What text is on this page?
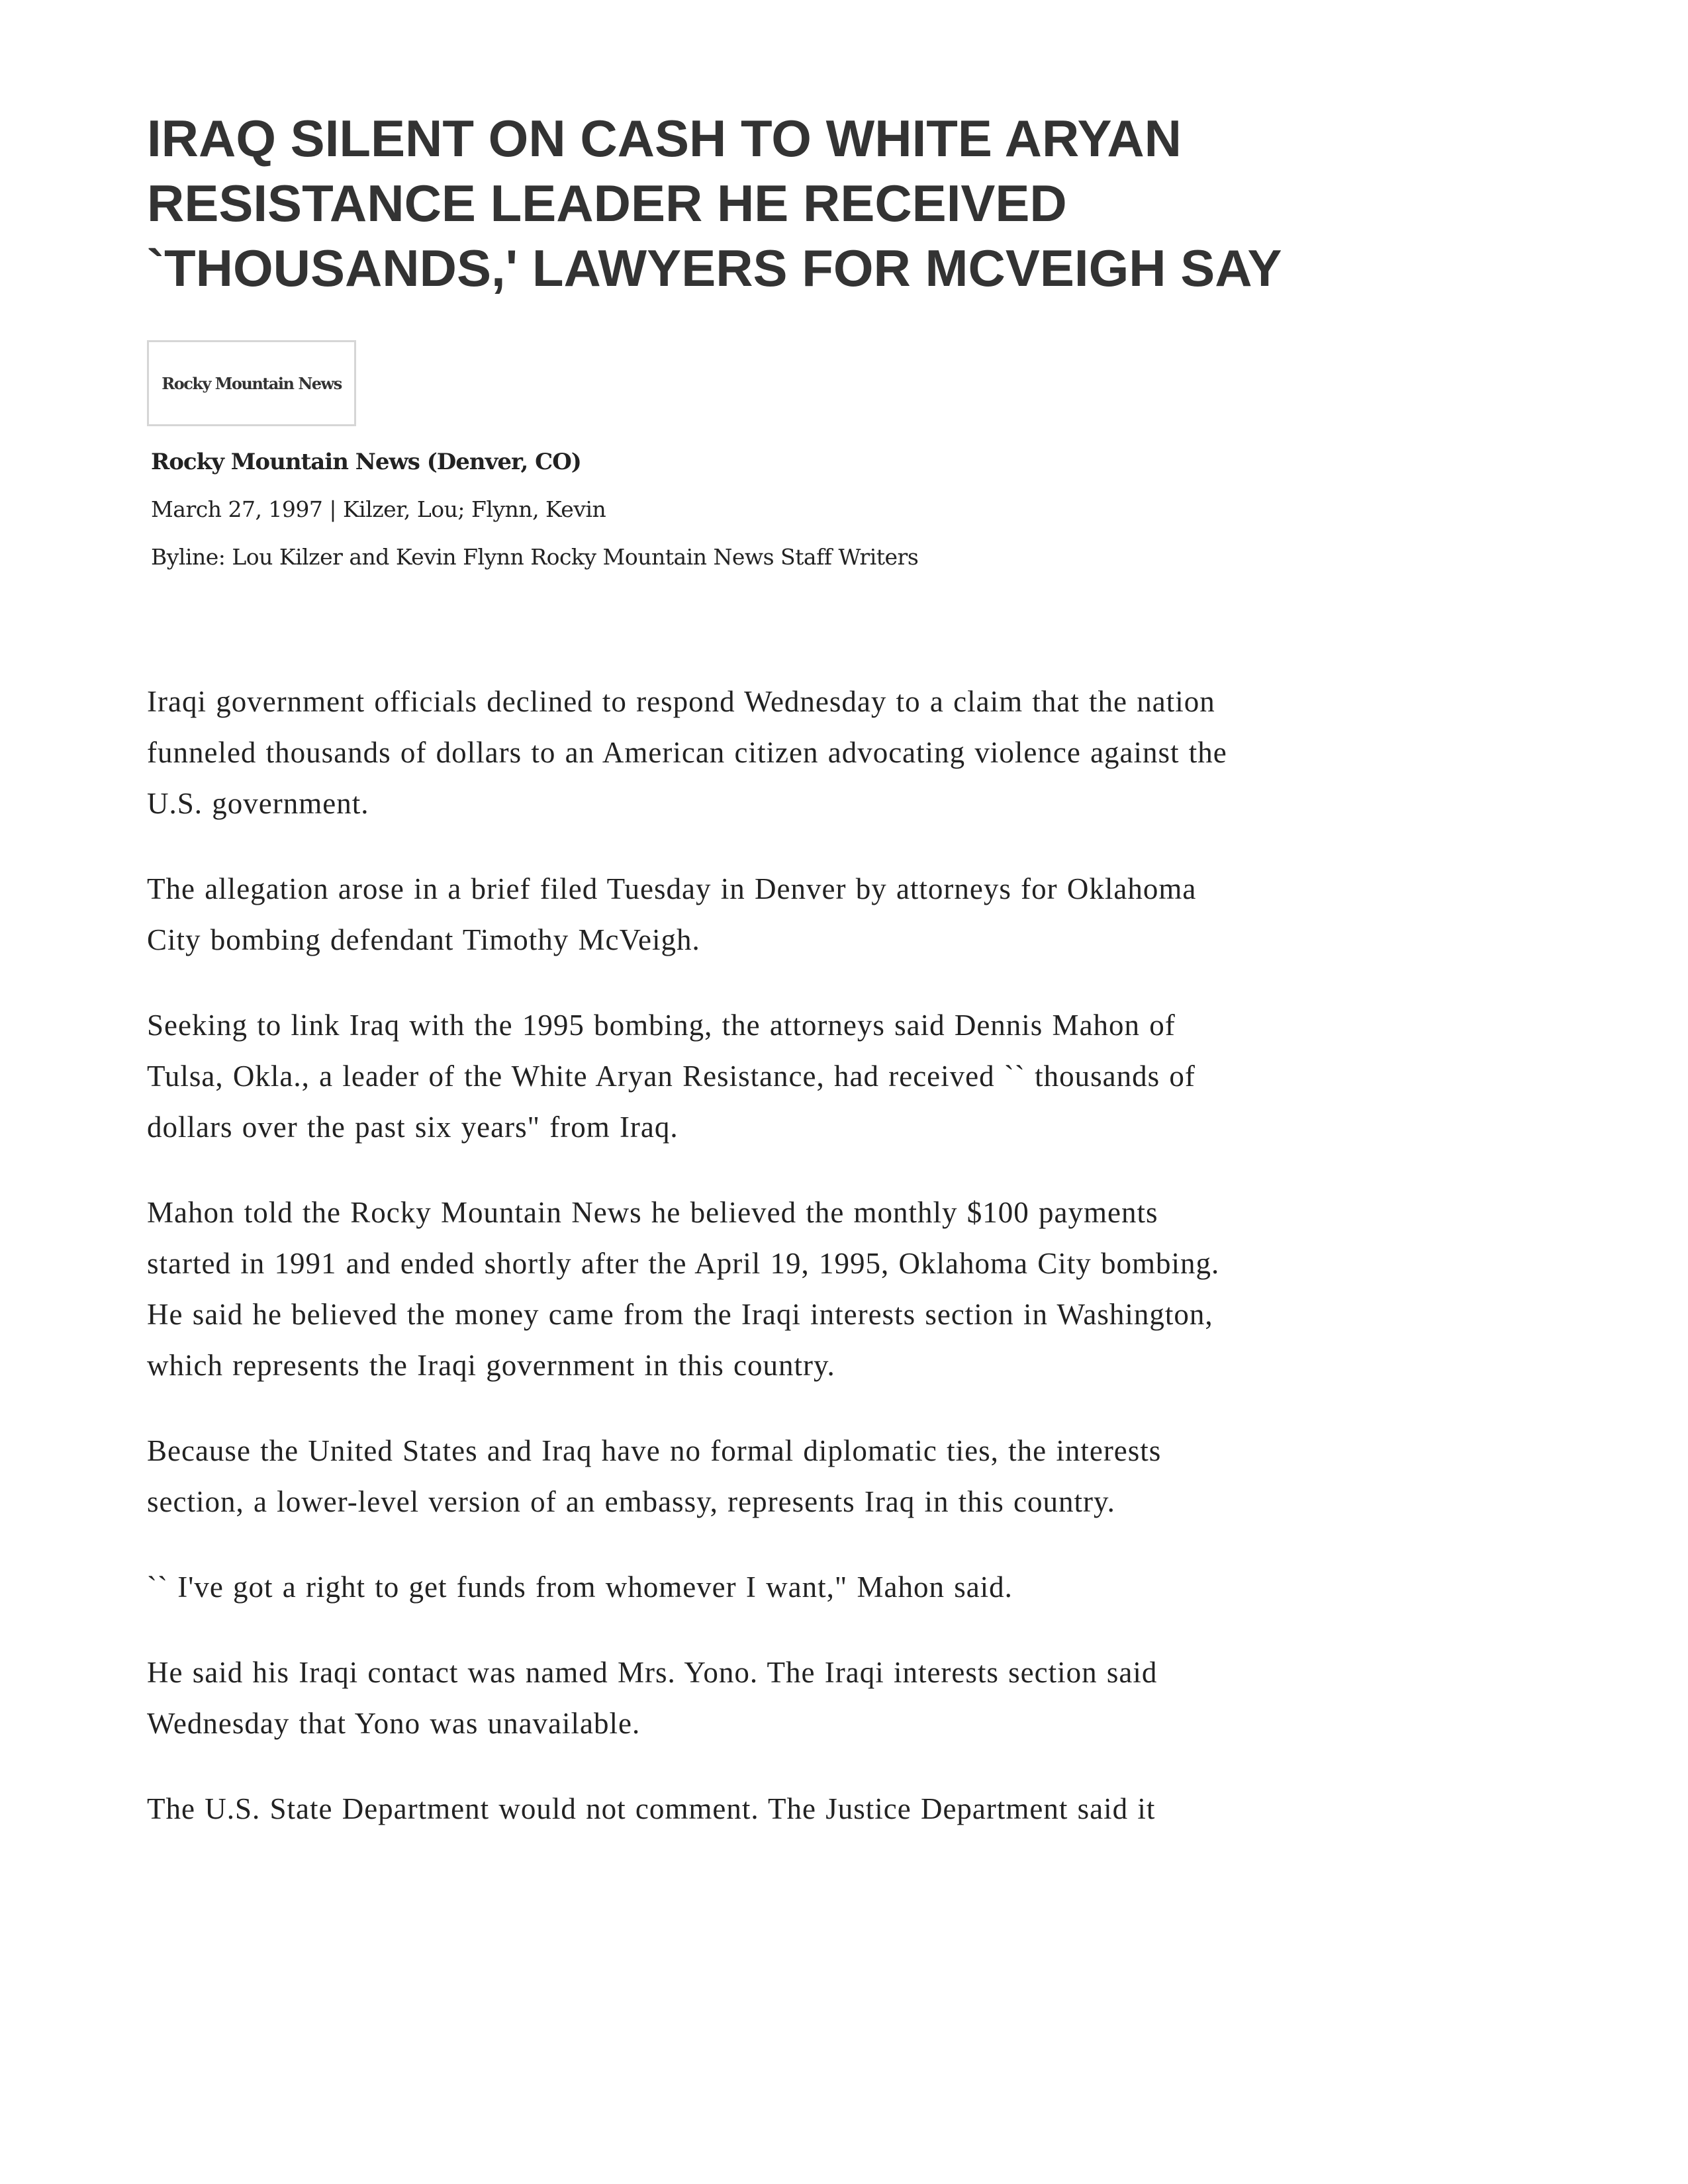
IRAQ SILENT ON CASH TO WHITE ARYAN
RESISTANCE LEADER HE RECEIVED
`THOUSANDS,' LAWYERS FOR MCVEIGH SAY
Rocky Mountain News
Rocky Mountain News (Denver, CO)
March 27, 1997 | Kilzer, Lou; Flynn, Kevin
Byline: Lou Kilzer and Kevin Flynn Rocky Mountain News Staff Writers

Iraqi government officials declined to respond Wednesday to a claim that the nation
funneled thousands of dollars to an American citizen advocating violence against the
U.S. government.

The allegation arose in a brief filed Tuesday in Denver by attorneys for Oklahoma
City bombing defendant Timothy McVeigh.

Seeking to link Iraq with the 1995 bombing, the attorneys said Dennis Mahon of
Tulsa, Okla., a leader of the White Aryan Resistance, had received `` thousands of
dollars over the past six years" from Iraq.

Mahon told the Rocky Mountain News he believed the monthly $100 payments
started in 1991 and ended shortly after the April 19, 1995, Oklahoma City bombing.
He said he believed the money came from the Iraqi interests section in Washington,
which represents the Iraqi government in this country.

Because the United States and Iraq have no formal diplomatic ties, the interests
section, a lower-level version of an embassy, represents Iraq in this country.

`` I've got a right to get funds from whomever I want," Mahon said.

He said his Iraqi contact was named Mrs. Yono. The Iraqi interests section said
Wednesday that Yono was unavailable.

The U.S. State Department would not comment. The Justice Department said it
